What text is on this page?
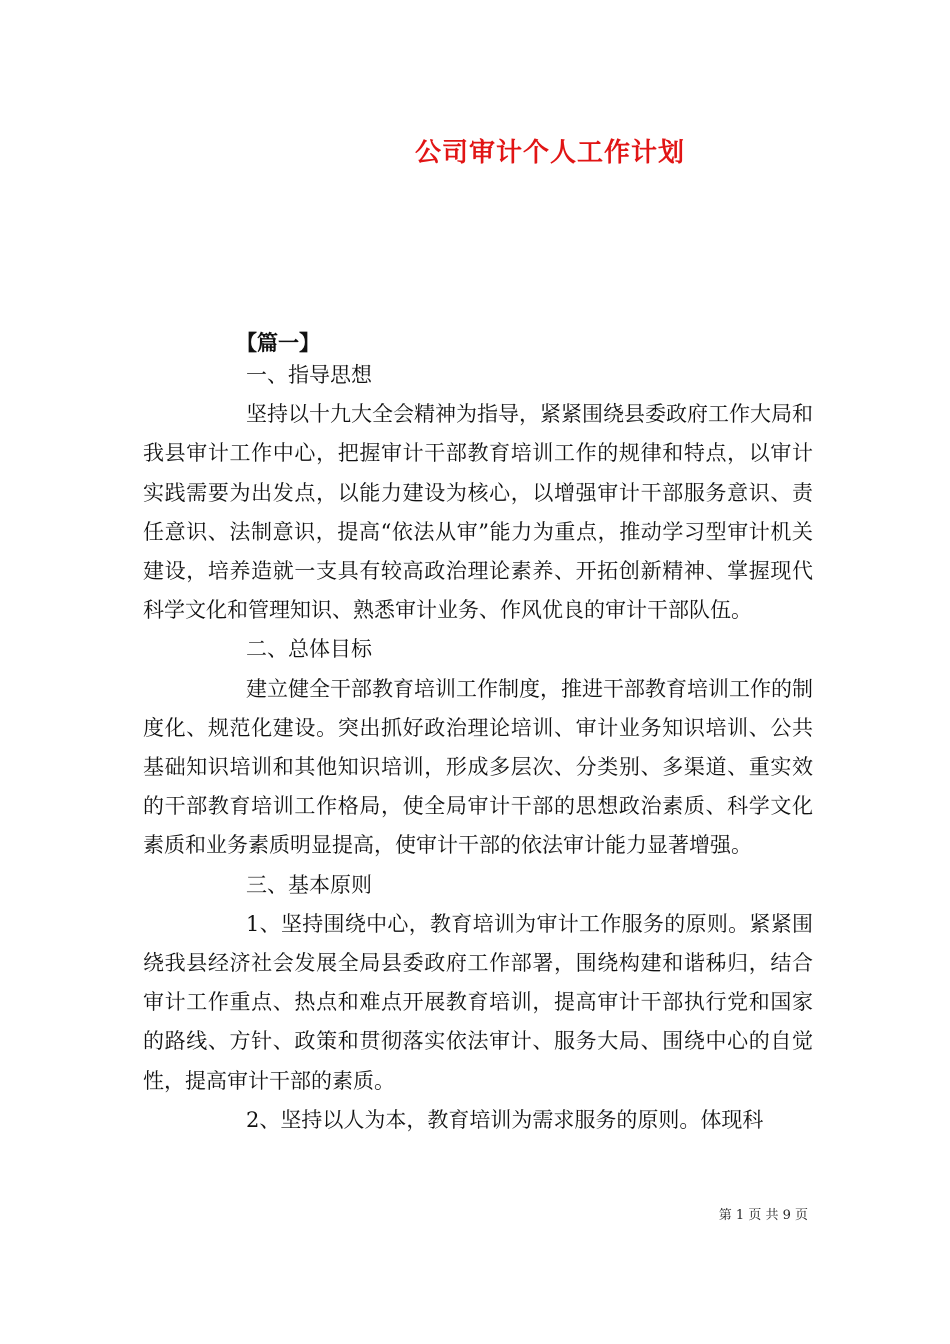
公司审计个人工作计划
【篇一】

一、指导思想

坚持以十九大全会精神为指导，紧紧围绕县委政府工作大局和我县审计工作中心，把握审计干部教育培训工作的规律和特点，以审计实践需要为出发点，以能力建设为核心，以增强审计干部服务意识、责任意识、法制意识，提高“依法从审”能力为重点，推动学习型审计机关建设，培养造就一支具有较高政治理论素养、开拓创新精神、掌握现代科学文化和管理知识、熟悉审计业务、作风优良的审计干部队伍。

二、总体目标

建立健全干部教育培训工作制度，推进干部教育培训工作的制度化、规范化建设。突出抓好政治理论培训、审计业务知识培训、公共基础知识培训和其他知识培训，形成多层次、分类别、多渠道、重实效的干部教育培训工作格局，使全局审计干部的思想政治素质、科学文化素质和业务素质明显提高，使审计干部的依法审计能力显著增强。

三、基本原则

1、坚持围绕中心，教育培训为审计工作服务的原则。紧紧围绕我县经济社会发展全局县委政府工作部署，围绕构建和谐秭归，结合审计工作重点、热点和难点开展教育培训，提高审计干部执行党和国家的路线、方针、政策和贯彻落实依法审计、服务大局、围绕中心的自觉性，提高审计干部的素质。

2、坚持以人为本，教育培训为需求服务的原则。体现科

第 1 页 共 9 页
